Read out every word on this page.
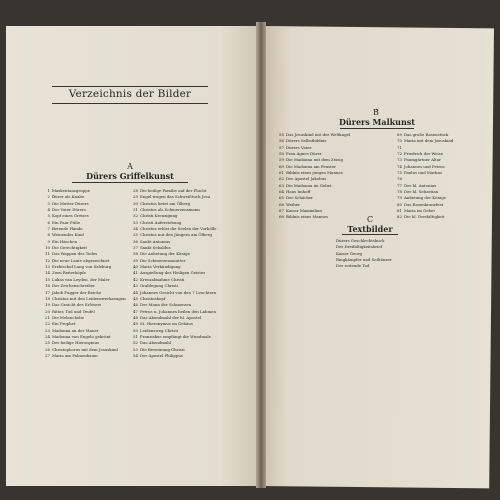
Verzeichnis der Bilder
A
Dürers Griffelkunst
1 Maskentanzgruppe
2 Dürer als Knabe
3 Die Mutter Dürers
4 Der Vater Dürers
5 Kopf eines Greises
6 Ein Paar Füße
7 Betende Hände
8 Weinendes Kind
9 Ein Häschen
10 Die Gerechtigkeit
11 Das Wappen des Todes
12 Die neue Laute abgezeichnet
13 Erzbischof Lang von Salzburg
14 Zwei Reiterköpfe
15 Lukas van Leyden, der Maler
16 Der Zeichenschreiber
17 Jakob Fugger der Reiche
18 Christus mit den Leidenswerkzeugen
19 Das Gesicht des Erlösers
20 Ritter, Tod und Teufel
21 Die Melancholie
22 Ein Prophet
23 Madonna an der Mauer
24 Madonna von Engeln gekrönt
25 Der heilige Hieronymus
26 Christophorus mit dem Jesuskind
27 Maria am Palmenbaum
28 Die heilige Familie auf der Flucht
29 Engel tragen das Schweißtuch Jesu
30 Christus betet am Ölberg
31 Christus als Schmerzensmann
32 Christi Kreuzigung
33 Christi Auferstehung
34 Christus erlöst die Seelen der Vorhölle
35 Christus mit den Jüngern am Ölberg
36 Sankt Antonius
37 Sankt Sebaldus
38 Die Anbetung der Könige
39 Die Schmerzensmutter
40 Maria Verkündigung
41 Ausgießung des Heiligen Geistes
42 Kreuzabnahme Christi
43 Grablegung Christi
44 Johannes Gesicht von den 7 Leuchtern
45 Christuskopf
46 Der Mann der Schmerzen
47 Petrus u. Johannes heilen den Lahmen
48 Das Abendmahl der hl. Apostel
49 St. Hieronymus im Gehäus
50 Leidensweg Christi
51 Franziskus empfängt die Wundmale
52 Das Abendmahl
53 Die Beweinung Christi
54 Der Apostel Philippus
B
Dürers Malkunst
55 Das Jesuskind mit der Weltkugel
56 Dürers Selbstbildnis
57 Dürers Vater
58 Frau Agnes Dürer
59 Die Madonna mit dem Zeisig
60 Die Madonna am Fenster
61 Bildnis eines jungen Mannes
62 Der Apostel Jakobus
63 Die Madonna im Gebet
64 Hans Imhoff
65 Der Schächer
66 Weiher
67 Kaiser Maximilian
68 Bildnis eines Mannes
69 Das große Rasenstück
70 Maria mit dem Jesuskind
71
72 Friedrich der Weise
73 Paumgärtner Altar
74 Johannes und Petrus
75 Paulus und Markus
76
77 Der hl. Antonius
78 Der hl. Sebastian
79 Anbetung der Könige
80 Das Rosenkranzfest
81 Maria im Gebet
82 Die hl. Dreifaltigkeit
C
Textbilder
Dürers Geschlechtsbuch
Der Dreifaltigkeitsbrief
Kaiser Georg
Ringkämpfer und Seiltänzer
Der reitende Tod
